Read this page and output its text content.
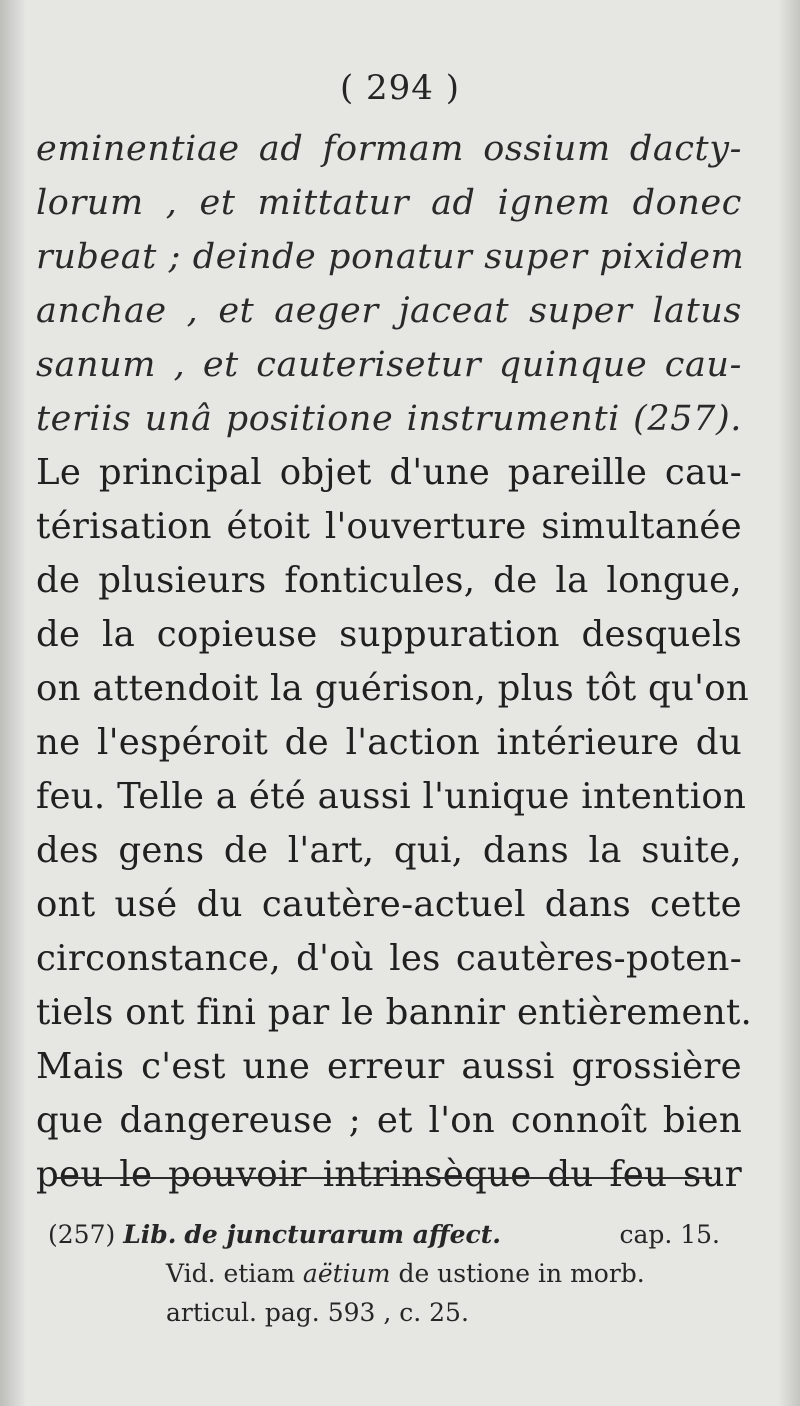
( 294 )
eminentiae ad formam ossium dacty-
lorum , et mittatur ad ignem donec
rubeat ; deinde ponatur super pixidem
anchae , et aeger jaceat super latus
sanum , et cauterisetur quinque cau-
teriis unâ positione instrumenti (257).
Le principal objet d'une pareille cau-
térisation étoit l'ouverture simultanée
de plusieurs fonticules, de la longue,
de la copieuse suppuration desquels
on attendoit la guérison, plus tôt qu'on
ne l'espéroit de l'action intérieure du
feu. Telle a été aussi l'unique intention
des gens de l'art, qui, dans la suite,
ont usé du cautère-actuel dans cette
circonstance, d'où les cautères-poten-
tiels ont fini par le bannir entièrement.
Mais c'est une erreur aussi grossière
que dangereuse ; et l'on connoît bien
peu le pouvoir intrinsèque du feu sur
(257) Lib. de juncturarum affect.	cap. 15.
Vid. etiam aëtium de ustione in morb.
articul. pag. 593 , c. 25.
